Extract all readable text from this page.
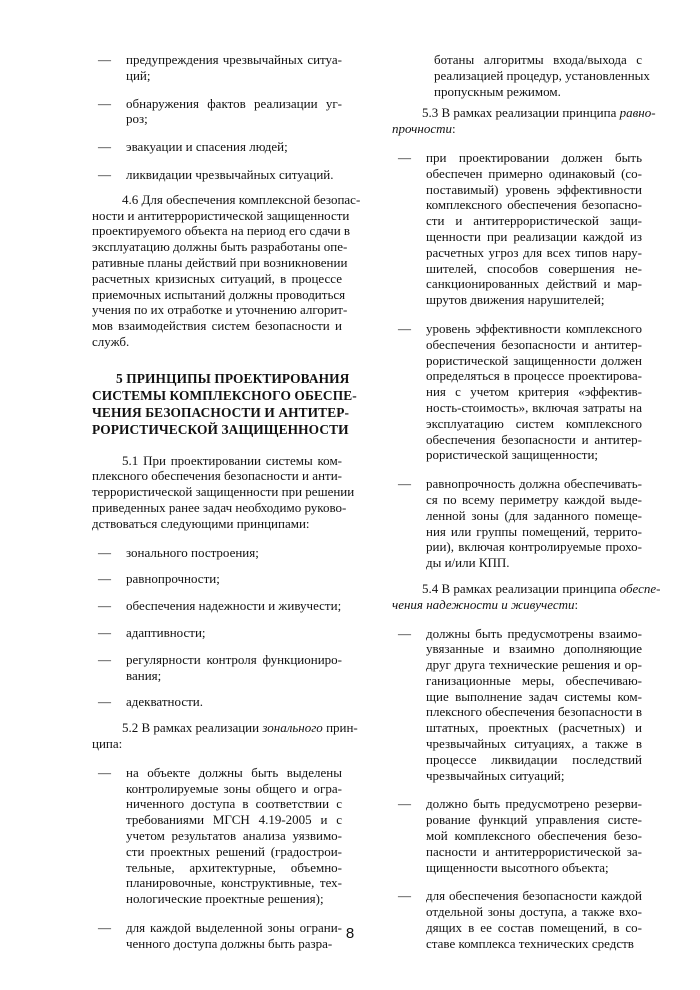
— предупреждения чрезвычайных ситуа-
ций;
— обнаружения фактов реализации уг-
роз;
— эвакуации и спасения людей;
— ликвидации чрезвычайных ситуаций.
4.6 Для обеспечения комплексной безопас-
ности и антитеррористической защищенности
проектируемого объекта на период его сдачи в
эксплуатацию должны быть разработаны опе-
ративные планы действий при возникновении
расчетных кризисных ситуаций, в процессе
приемочных испытаний должны проводиться
учения по их отработке и уточнению алгорит-
мов взаимодействия систем безопасности и
служб.
5 ПРИНЦИПЫ ПРОЕКТИРОВАНИЯ
СИСТЕМЫ КОМПЛЕКСНОГО ОБЕСПЕ-
ЧЕНИЯ БЕЗОПАСНОСТИ И АНТИТЕР-
РОРИСТИЧЕСКОЙ ЗАЩИЩЕННОСТИ
5.1 При проектировании системы ком-
плексного обеспечения безопасности и анти-
террористической защищенности при решении
приведенных ранее задач необходимо руково-
дствоваться следующими принципами:
— зонального построения;
— равнопрочности;
— обеспечения надежности и живучести;
— адаптивности;
— регулярности контроля функциониро-
вания;
— адекватности.
5.2 В рамках реализации зонального прин-
ципа:
— на объекте должны быть выделены
контролируемые зоны общего и огра-
ниченного доступа в соответствии с
требованиями МГСН 4.19-2005 и с
учетом результатов анализа уязвимо-
сти проектных решений (градострои-
тельные, архитектурные, объемно-
планировочные, конструктивные, тех-
нологические проектные решения);
— для каждой выделенной зоны ограни-
ченного доступа должны быть разра-
ботаны алгоритмы входа/выхода с
реализацией процедур, установленных
пропускным режимом.
5.3 В рамках реализации принципа равно-
прочности:
— при проектировании должен быть
обеспечен примерно одинаковый (со-
поставимый) уровень эффективности
комплексного обеспечения безопасно-
сти и антитеррористической защи-
щенности при реализации каждой из
расчетных угроз для всех типов нару-
шителей, способов совершения не-
санкционированных действий и мар-
шрутов движения нарушителей;
— уровень эффективности комплексного
обеспечения безопасности и антитер-
рористической защищенности должен
определяться в процессе проектирова-
ния с учетом критерия «эффектив-
ность-стоимость», включая затраты на
эксплуатацию систем комплексного
обеспечения безопасности и антитер-
рористической защищенности;
— равнопрочность должна обеспечивать-
ся по всему периметру каждой выде-
ленной зоны (для заданного помеще-
ния или группы помещений, террито-
рии), включая контролируемые прохо-
ды и/или КПП.
5.4 В рамках реализации принципа обеспе-
чения надежности и живучести:
— должны быть предусмотрены взаимо-
увязанные и взаимно дополняющие
друг друга технические решения и ор-
ганизационные меры, обеспечиваю-
щие выполнение задач системы ком-
плексного обеспечения безопасности в
штатных, проектных (расчетных) и
чрезвычайных ситуациях, а также в
процессе ликвидации последствий
чрезвычайных ситуаций;
— должно быть предусмотрено резерви-
рование функций управления систе-
мой комплексного обеспечения безо-
пасности и антитеррористической за-
щищенности высотного объекта;
— для обеспечения безопасности каждой
отдельной зоны доступа, а также вхо-
дящих в ее состав помещений, в со-
ставе комплекса технических средств
8
